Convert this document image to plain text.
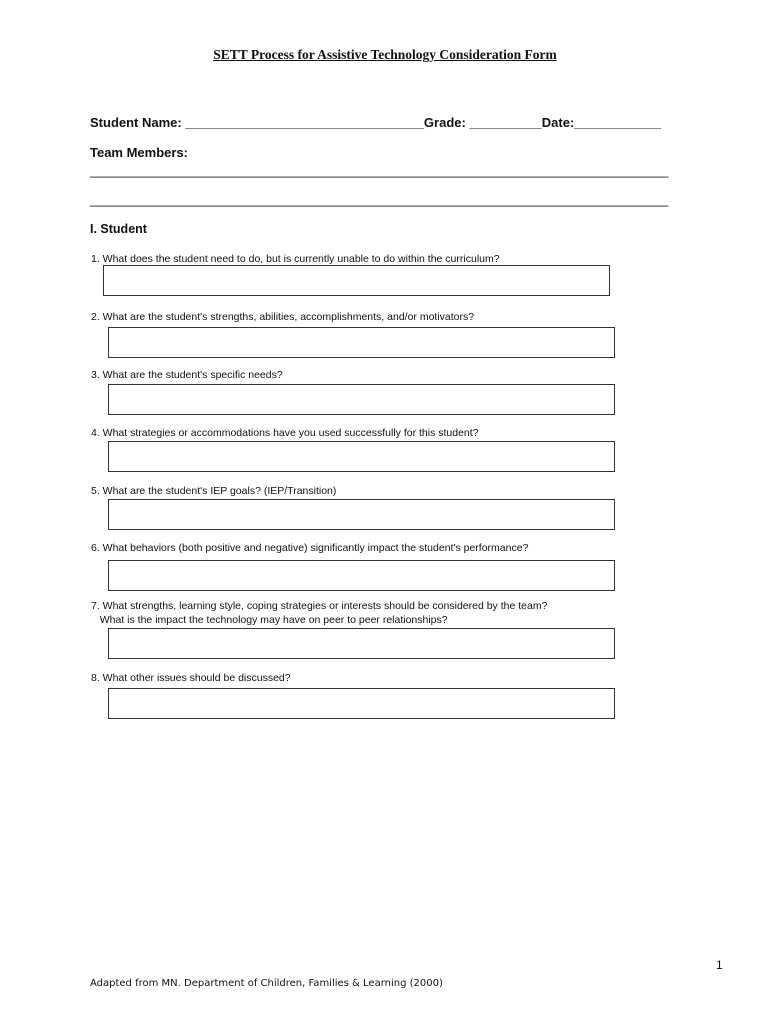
SETT Process for Assistive Technology Consideration Form
Student Name: _________________________________Grade: __________Date:____________
Team Members:
________________________________________________________________________________
________________________________________________________________________________
I. Student
1. What does the student need to do, but is currently unable to do within the curriculum?
2. What are the student's strengths, abilities, accomplishments, and/or motivators?
3. What are the student's specific needs?
4. What strategies or accommodations have you used successfully for this student?
5. What are the student's IEP goals? (IEP/Transition)
6. What behaviors (both positive and negative) significantly impact the student's performance?
7. What strengths, learning style, coping strategies or interests should be considered by the team?
What is the impact the technology may have on peer to peer relationships?
8. What other issues should be discussed?
1
Adapted from MN. Department of Children, Families & Learning (2000)
